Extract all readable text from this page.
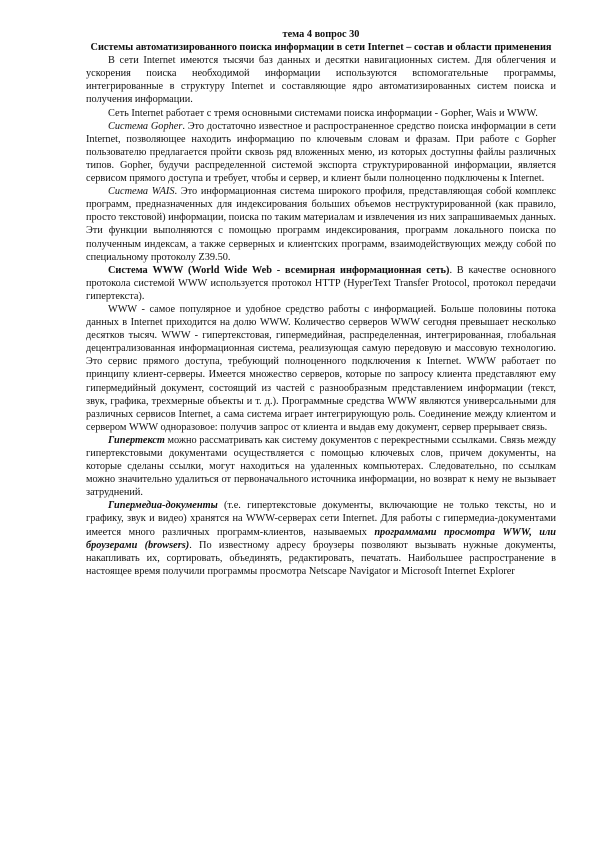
тема 4 вопрос 30

Системы автоматизированного поиска информации в сети Internet – состав и области применения

В сети Internet имеются тысячи баз данных и десятки навигационных систем. Для облегчения и ускорения поиска необходимой информации используются вспомогательные программы, интегрированные в структуру Internet и составляющие ядро автоматизированных систем поиска и получения информации.

Сеть Internet работает с тремя основными системами поиска информации - Gopher, Wais и WWW.

Система Gopher. Это достаточно известное и распространенное средство поиска информации в сети Internet, позволяющее находить информацию по ключевым словам и фразам. При работе с Gopher пользователю предлагается пройти сквозь ряд вложенных меню, из которых доступны файлы различных типов. Gopher, будучи распределенной системой экспорта структурированной информации, является сервисом прямого доступа и требует, чтобы и сервер, и клиент были полноценно подключены к Internet.

Система WAIS. Это информационная система широкого профиля, представляющая собой комплекс программ, предназначенных для индексирования больших объемов неструктурированной (как правило, просто текстовой) информации, поиска по таким материалам и извлечения из них запрашиваемых данных. Эти функции выполняются с помощью программ индексирования, программ локального поиска по полученным индексам, а также серверных и клиентских программ, взаимодействующих между собой по специальному протоколу Z39.50.

Система WWW (World Wide Web - всемирная информационная сеть). В качестве основного протокола системой WWW используется протокол HTTP (HyperText Transfer Protocol, протокол передачи гипертекста).

WWW - самое популярное и удобное средство работы с информацией. Больше половины потока данных в Internet приходится на долю WWW. Количество серверов WWW сегодня превышает несколько десятков тысяч. WWW - гипертекстовая, гипермедийная, распределенная, интегрированная, глобальная децентрализованная информационная система, реализующая самую передовую и массовую технологию. Это сервис прямого доступа, требующий полноценного подключения к Internet. WWW работает по принципу клиент-серверы. Имеется множество серверов, которые по запросу клиента представляют ему гипермедийный документ, состоящий из частей с разнообразным представлением информации (текст, звук, графика, трехмерные объекты и т. д.). Программные средства WWW являются универсальными для различных сервисов Internet, а сама система играет интегрирующую роль. Соединение между клиентом и сервером WWW одноразовое: получив запрос от клиента и выдав ему документ, сервер прерывает связь.

Гипертекст можно рассматривать как систему документов с перекрестными ссылками. Связь между гипертекстовыми документами осуществляется с помощью ключевых слов, причем документы, на которые сделаны ссылки, могут находиться на удаленных компьютерах. Следовательно, по ссылкам можно значительно удалиться от первоначального источника информации, но возврат к нему не вызывает затруднений.

Гипермедиа-документы (т.е. гипертекстовые документы, включающие не только тексты, но и графику, звук и видео) хранятся на WWW-серверах сети Internet. Для работы с гипермедиа-документами имеется много различных программ-клиентов, называемых программами просмотра WWW, или броузерами (browsers). По известному адресу броузеры позволяют вызывать нужные документы, накапливать их, сортировать, объединять, редактировать, печатать. Наибольшее распространение в настоящее время получили программы просмотра Netscape Navigator и Microsoft Internet Explorer
